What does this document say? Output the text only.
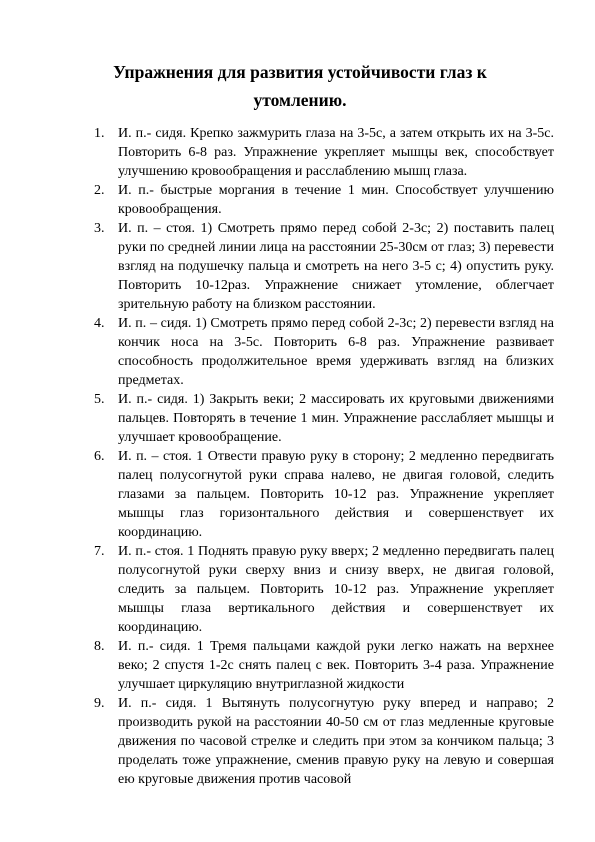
Упражнения для развития устойчивости глаз к утомлению.
1. И. п.- сидя. Крепко зажмурить глаза на 3-5с, а затем открыть их на 3-5с. Повторить 6-8 раз. Упражнение укрепляет мышцы век, способствует улучшению кровообращения и расслаблению мышц глаза.
2. И. п.- быстрые моргания в течение 1 мин. Способствует улучшению кровообращения.
3. И. п. – стоя. 1) Смотреть прямо перед собой 2-3с; 2) поставить палец руки по средней линии лица на расстоянии 25-30см от глаз; 3) перевести взгляд на подушечку пальца и смотреть на него 3-5 с; 4) опустить руку. Повторить 10-12раз. Упражнение снижает утомление, облегчает зрительную работу на близком расстоянии.
4. И. п. – сидя. 1) Смотреть прямо перед собой 2-3с; 2) перевести взгляд на кончик носа на 3-5с. Повторить 6-8 раз. Упражнение развивает способность продолжительное время удерживать взгляд на близких предметах.
5. И. п.- сидя. 1) Закрыть веки; 2 массировать их круговыми движениями пальцев. Повторять в течение 1 мин. Упражнение расслабляет мышцы и улучшает кровообращение.
6. И. п. – стоя. 1 Отвести правую руку в сторону; 2 медленно передвигать палец полусогнутой руки справа налево, не двигая головой, следить глазами за пальцем. Повторить 10-12 раз. Упражнение укрепляет мышцы глаз горизонтального действия и совершенствует их координацию.
7. И. п.- стоя. 1 Поднять правую руку вверх; 2 медленно передвигать палец полусогнутой руки сверху вниз и снизу вверх, не двигая головой, следить за пальцем. Повторить 10-12 раз. Упражнение укрепляет мышцы глаза вертикального действия и совершенствует их координацию.
8. И. п.- сидя. 1 Тремя пальцами каждой руки легко нажать на верхнее веко; 2 спустя 1-2с снять палец с век. Повторить 3-4 раза. Упражнение улучшает циркуляцию внутриглазной жидкости
9. И. п.- сидя. 1 Вытянуть полусогнутую руку вперед и направо; 2 производить рукой на расстоянии 40-50 см от глаз медленные круговые движения по часовой стрелке и следить при этом за кончиком пальца; 3 проделать тоже упражнение, сменив правую руку на левую и совершая ею круговые движения против часовой
